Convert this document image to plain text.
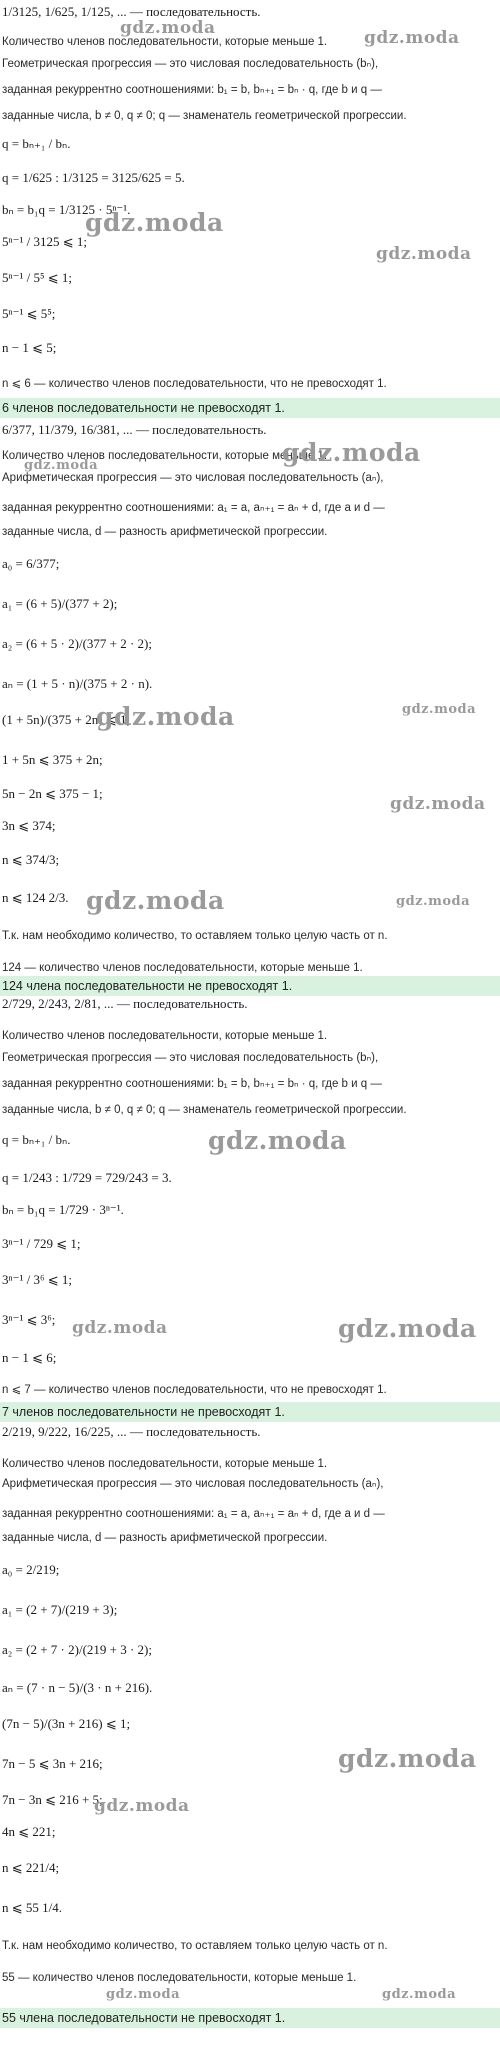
1/3125, 1/625, 1/125, ... — последовательность.
Количество членов последовательности, которые меньше 1.
Геометрическая прогрессия — это числовая последовательность (bₙ),
заданная рекуррентно соотношениями: b₁ = b, bₙ₊₁ = bₙ · q, где b и q —
заданные числа, b ≠ 0, q ≠ 0; q — знаменатель геометрической прогрессии.
q = bₙ₊₁ / bₙ.
q = 1/625 : 1/3125 = 3125/625 = 5.
bₙ = b₁q = 1/3125 · 5ⁿ⁻¹.
5ⁿ⁻¹ / 3125 ⩽ 1;
5ⁿ⁻¹ / 5⁵ ⩽ 1;
5ⁿ⁻¹ ⩽ 5⁵;
n − 1 ⩽ 5;
n ⩽ 6 — количество членов последовательности, что не превосходят 1.
6/377, 11/379, 16/381, ... — последовательность.
Количество членов последовательности, которые меньше 1.
Арифметическая прогрессия — это числовая последовательность (aₙ),
заданная рекуррентно соотношениями: a₁ = a, aₙ₊₁ = aₙ + d, где a и d —
заданные числа, d — разность арифметической прогрессии.
a₀ = 6/377;
a₁ = (6 + 5)/(377 + 2);
a₂ = (6 + 5 · 2)/(377 + 2 · 2);
aₙ = (1 + 5 · n)/(375 + 2 · n).
(1 + 5n)/(375 + 2n) ⩽ 1;
1 + 5n ⩽ 375 + 2n;
5n − 2n ⩽ 375 − 1;
3n ⩽ 374;
n ⩽ 374/3;
n ⩽ 124 2/3.
Т.к. нам необходимо количество, то оставляем только целую часть от n.
124 — количество членов последовательности, которые меньше 1.
2/729, 2/243, 2/81, ... — последовательность.
Количество членов последовательности, которые меньше 1.
Геометрическая прогрессия — это числовая последовательность (bₙ),
заданная рекуррентно соотношениями: b₁ = b, bₙ₊₁ = bₙ · q, где b и q —
заданные числа, b ≠ 0, q ≠ 0; q — знаменатель геометрической прогрессии.
q = bₙ₊₁ / bₙ.
q = 1/243 : 1/729 = 729/243 = 3.
bₙ = b₁q = 1/729 · 3ⁿ⁻¹.
3ⁿ⁻¹ / 729 ⩽ 1;
3ⁿ⁻¹ / 3⁶ ⩽ 1;
3ⁿ⁻¹ ⩽ 3⁶;
n − 1 ⩽ 6;
n ⩽ 7 — количество членов последовательности, что не превосходят 1.
2/219, 9/222, 16/225, ... — последовательность.
Количество членов последовательности, которые меньше 1.
Арифметическая прогрессия — это числовая последовательность (aₙ),
заданная рекуррентно соотношениями: a₁ = a, aₙ₊₁ = aₙ + d, где a и d —
заданные числа, d — разность арифметической прогрессии.
a₀ = 2/219;
a₁ = (2 + 7)/(219 + 3);
a₂ = (2 + 7 · 2)/(219 + 3 · 2);
aₙ = (7 · n − 5)/(3 · n + 216).
(7n − 5)/(3n + 216) ⩽ 1;
7n − 5 ⩽ 3n + 216;
7n − 3n ⩽ 216 + 5;
4n ⩽ 221;
n ⩽ 221/4;
n ⩽ 55 1/4.
Т.к. нам необходимо количество, то оставляем только целую часть от n.
55 — количество членов последовательности, которые меньше 1.
6 членов последовательности не превосходят 1.
124 члена последовательности не превосходят 1.
7 членов последовательности не превосходят 1.
55 члена последовательности не превосходят 1.
gdz.moda	gdz.moda
gdz.moda
gdz.moda
gdz.moda
gdz.moda
gdz.moda	gdz.moda
gdz.moda
gdz.moda	gdz.moda
gdz.moda
gdz.moda	gdz.moda
gdz.moda
gdz.moda
gdz.moda	gdz.moda
